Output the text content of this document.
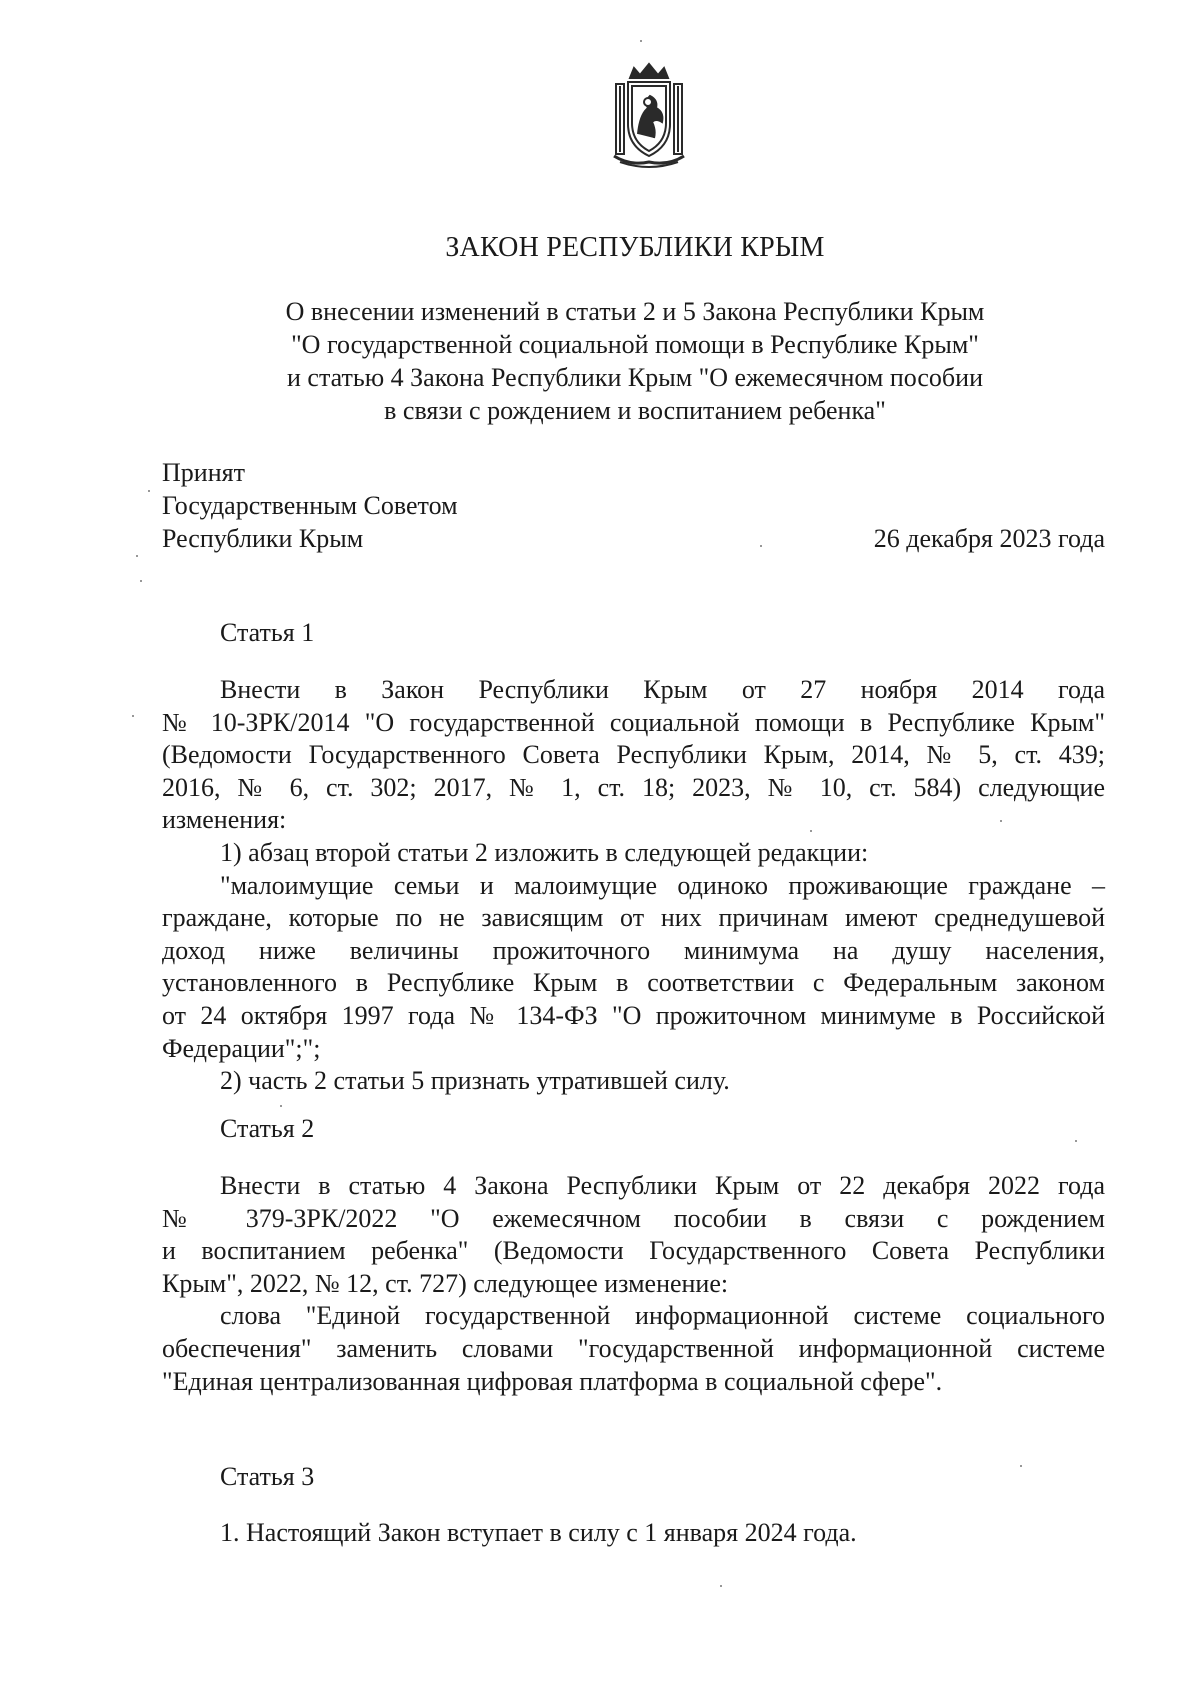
ЗАКОН РЕСПУБЛИКИ КРЫМ
О внесении изменений в статьи 2 и 5 Закона Республики Крым
"О государственной социальной помощи в Республике Крым"
и статью 4 Закона Республики Крым "О ежемесячном пособии
в связи с рождением и воспитанием ребенка"
Принят
Государственным Советом
Республики Крым	26 декабря 2023 года
Статья 1
Внести в Закон Республики Крым от 27 ноября 2014 года
№ 10-ЗРК/2014 "О государственной социальной помощи в Республике Крым"
(Ведомости Государственного Совета Республики Крым, 2014, № 5, ст. 439;
2016, № 6, ст. 302; 2017, № 1, ст. 18; 2023, № 10, ст. 584) следующие
изменения:
1) абзац второй статьи 2 изложить в следующей редакции:
"малоимущие семьи и малоимущие одиноко проживающие граждане –
граждане, которые по не зависящим от них причинам имеют среднедушевой
доход ниже величины прожиточного минимума на душу населения,
установленного в Республике Крым в соответствии с Федеральным законом
от 24 октября 1997 года № 134-ФЗ "О прожиточном минимуме в Российской
Федерации";";
2) часть 2 статьи 5 признать утратившей силу.
Статья 2
Внести в статью 4 Закона Республики Крым от 22 декабря 2022 года
№ 379-ЗРК/2022 "О ежемесячном пособии в связи с рождением
и воспитанием ребенка" (Ведомости Государственного Совета Республики
Крым", 2022, № 12, ст. 727) следующее изменение:
слова "Единой государственной информационной системе социального
обеспечения" заменить словами "государственной информационной системе
"Единая централизованная цифровая платформа в социальной сфере".
Статья 3
1. Настоящий Закон вступает в силу с 1 января 2024 года.
